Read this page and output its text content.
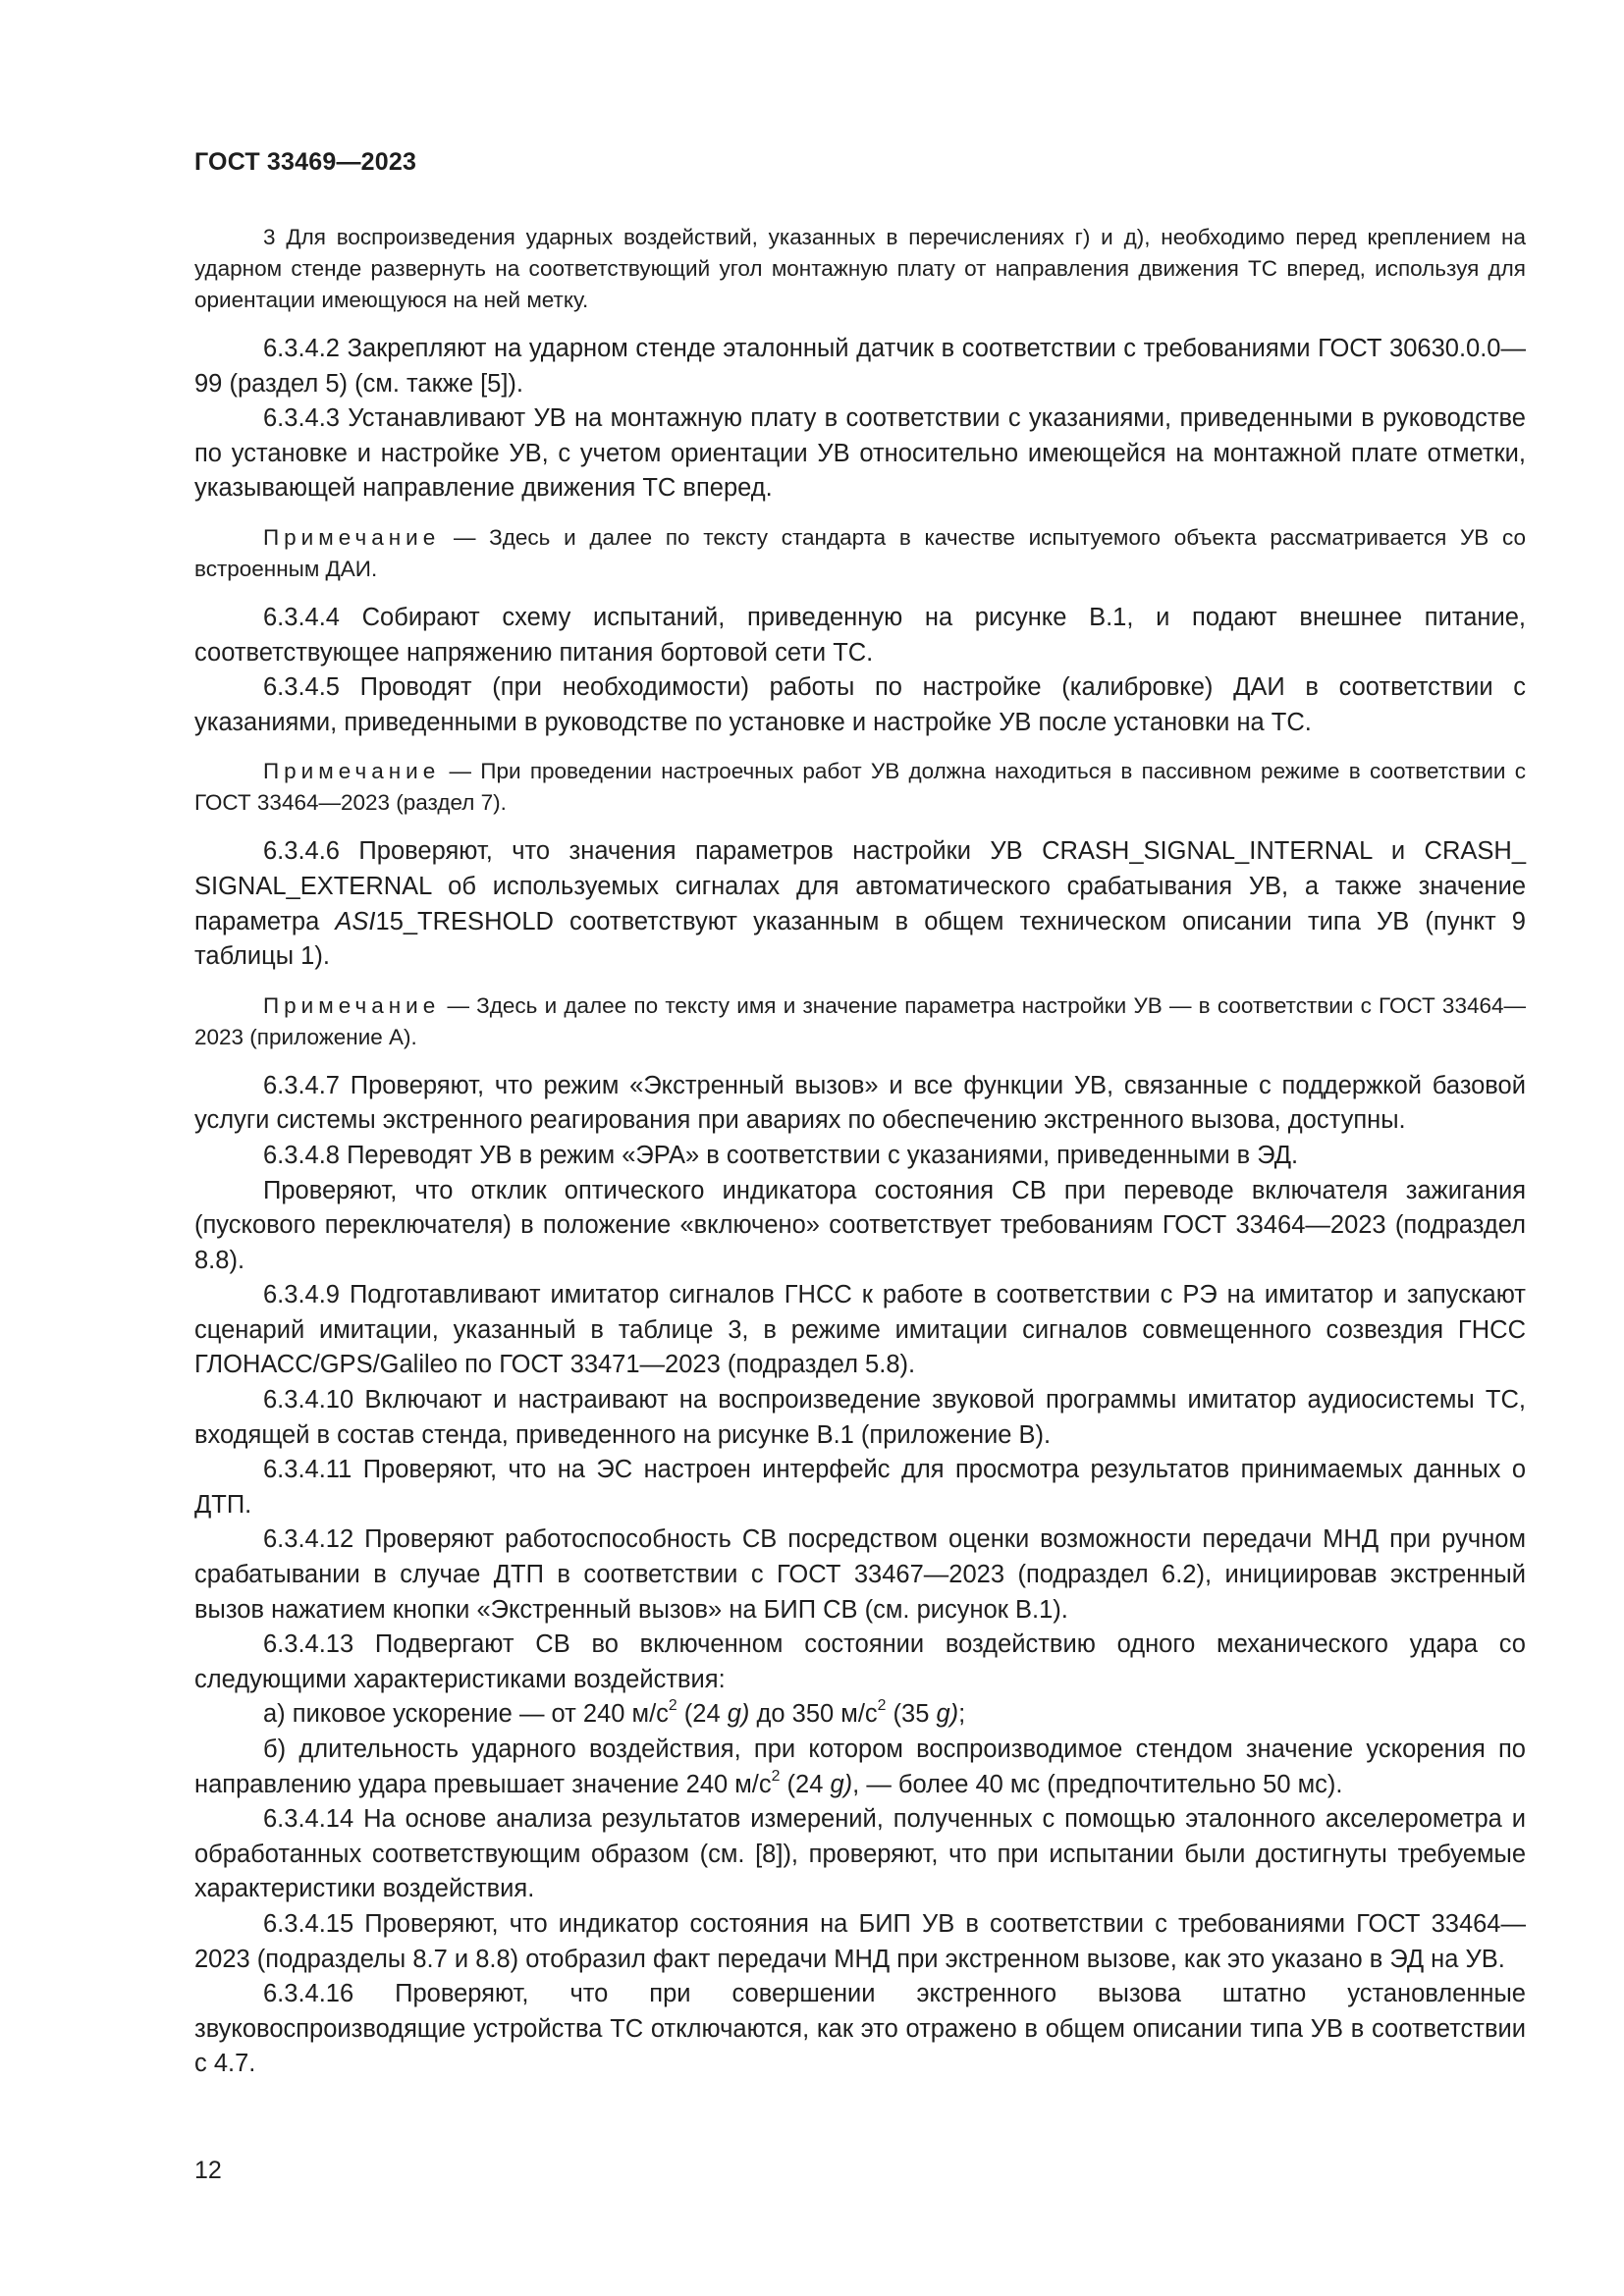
ГОСТ 33469—2023

3 Для воспроизведения ударных воздействий, указанных в перечислениях г) и д), необходимо перед креплением на ударном стенде развернуть на соответствующий угол монтажную плату от направления движения ТС вперед, используя для ориентации имеющуюся на ней метку.

6.3.4.2 Закрепляют на ударном стенде эталонный датчик в соответствии с требованиями ГОСТ 30630.0.0—99 (раздел 5) (см. также [5]).

6.3.4.3 Устанавливают УВ на монтажную плату в соответствии с указаниями, приведенными в руководстве по установке и настройке УВ, с учетом ориентации УВ относительно имеющейся на монтажной плате отметки, указывающей направление движения ТС вперед.

Примечание — Здесь и далее по тексту стандарта в качестве испытуемого объекта рассматривается УВ со встроенным ДАИ.

6.3.4.4 Собирают схему испытаний, приведенную на рисунке В.1, и подают внешнее питание, соответствующее напряжению питания бортовой сети ТС.

6.3.4.5 Проводят (при необходимости) работы по настройке (калибровке) ДАИ в соответствии с указаниями, приведенными в руководстве по установке и настройке УВ после установки на ТС.

Примечание — При проведении настроечных работ УВ должна находиться в пассивном режиме в соответствии с ГОСТ 33464—2023 (раздел 7).

6.3.4.6 Проверяют, что значения параметров настройки УВ CRASH_SIGNAL_INTERNAL и CRASH_ SIGNAL_EXTERNAL об используемых сигналах для автоматического срабатывания УВ, а также значение параметра ASI15_TRESHOLD соответствуют указанным в общем техническом описании типа УВ (пункт 9 таблицы 1).

Примечание — Здесь и далее по тексту имя и значение параметра настройки УВ — в соответствии с ГОСТ 33464—2023 (приложение А).

6.3.4.7 Проверяют, что режим «Экстренный вызов» и все функции УВ, связанные с поддержкой базовой услуги системы экстренного реагирования при авариях по обеспечению экстренного вызова, доступны.

6.3.4.8 Переводят УВ в режим «ЭРА» в соответствии с указаниями, приведенными в ЭД.

Проверяют, что отклик оптического индикатора состояния СВ при переводе включателя зажигания (пускового переключателя) в положение «включено» соответствует требованиям ГОСТ 33464—2023 (подраздел 8.8).

6.3.4.9 Подготавливают имитатор сигналов ГНСС к работе в соответствии с РЭ на имитатор и запускают сценарий имитации, указанный в таблице 3, в режиме имитации сигналов совмещенного созвездия ГНСС ГЛОНАСС/GPS/Galileo по ГОСТ 33471—2023 (подраздел 5.8).

6.3.4.10 Включают и настраивают на воспроизведение звуковой программы имитатор аудиосистемы ТС, входящей в состав стенда, приведенного на рисунке В.1 (приложение В).

6.3.4.11 Проверяют, что на ЭС настроен интерфейс для просмотра результатов принимаемых данных о ДТП.

6.3.4.12 Проверяют работоспособность СВ посредством оценки возможности передачи МНД при ручном срабатывании в случае ДТП в соответствии с ГОСТ 33467—2023 (подраздел 6.2), инициировав экстренный вызов нажатием кнопки «Экстренный вызов» на БИП СВ (см. рисунок В.1).

6.3.4.13 Подвергают СВ во включенном состоянии воздействию одного механического удара со следующими характеристиками воздействия:

а) пиковое ускорение — от 240 $м/с^2$ (24 g) до 350 $м/с^2$ (35 g);

б) длительность ударного воздействия, при котором воспроизводимое стендом значение ускорения по направлению удара превышает значение 240 $м/с^2$ (24 g), — более 40 мс (предпочтительно 50 мс).

6.3.4.14 На основе анализа результатов измерений, полученных с помощью эталонного акселерометра и обработанных соответствующим образом (см. [8]), проверяют, что при испытании были достигнуты требуемые характеристики воздействия.

6.3.4.15 Проверяют, что индикатор состояния на БИП УВ в соответствии с требованиями ГОСТ 33464—2023 (подразделы 8.7 и 8.8) отобразил факт передачи МНД при экстренном вызове, как это указано в ЭД на УВ.

6.3.4.16 Проверяют, что при совершении экстренного вызова штатно установленные звуковоспроизводящие устройства ТС отключаются, как это отражено в общем описании типа УВ в соответствии с 4.7.

12
